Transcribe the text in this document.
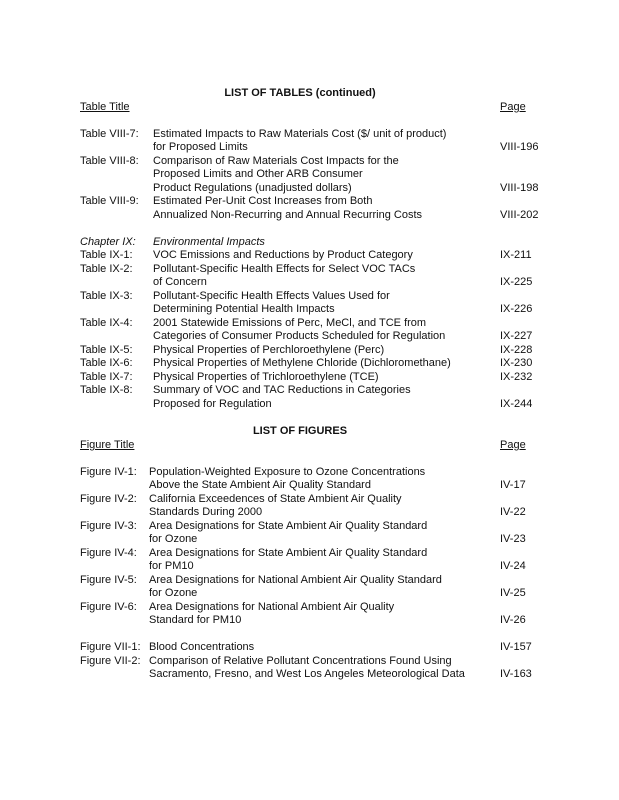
LIST OF TABLES (continued)
Table Title	Page
Table VIII-7: Estimated Impacts to Raw Materials Cost ($/ unit of product)
for Proposed Limits	VIII-196
Table VIII-8: Comparison of Raw Materials Cost Impacts for the
Proposed Limits and Other ARB Consumer
Product Regulations (unadjusted dollars)	VIII-198
Table VIII-9: Estimated Per-Unit Cost Increases from Both
Annualized Non-Recurring and Annual Recurring Costs	VIII-202
Chapter IX: Environmental Impacts
Table IX-1: VOC Emissions and Reductions by Product Category	IX-211
Table IX-2: Pollutant-Specific Health Effects for Select VOC TACs
of Concern	IX-225
Table IX-3: Pollutant-Specific Health Effects Values Used for
Determining Potential Health Impacts	IX-226
Table IX-4: 2001 Statewide Emissions of Perc, MeCl, and TCE from
Categories of Consumer Products Scheduled for Regulation	IX-227
Table IX-5: Physical Properties of Perchloroethylene (Perc)	IX-228
Table IX-6: Physical Properties of Methylene Chloride (Dichloromethane)	IX-230
Table IX-7: Physical Properties of Trichloroethylene (TCE)	IX-232
Table IX-8: Summary of VOC and TAC Reductions in Categories
Proposed for Regulation	IX-244
LIST OF FIGURES
Figure Title	Page
Figure IV-1: Population-Weighted Exposure to Ozone Concentrations
Above the State Ambient Air Quality Standard	IV-17
Figure IV-2: California Exceedences of State Ambient Air Quality
Standards During 2000	IV-22
Figure IV-3: Area Designations for State Ambient Air Quality Standard
for Ozone	IV-23
Figure IV-4: Area Designations for State Ambient Air Quality Standard
for PM10	IV-24
Figure IV-5: Area Designations for National Ambient Air Quality Standard
for Ozone	IV-25
Figure IV-6: Area Designations for National Ambient Air Quality
Standard for PM10	IV-26
Figure VII-1: Blood Concentrations	IV-157
Figure VII-2: Comparison of Relative Pollutant Concentrations Found Using
Sacramento, Fresno, and West Los Angeles Meteorological Data	IV-163
